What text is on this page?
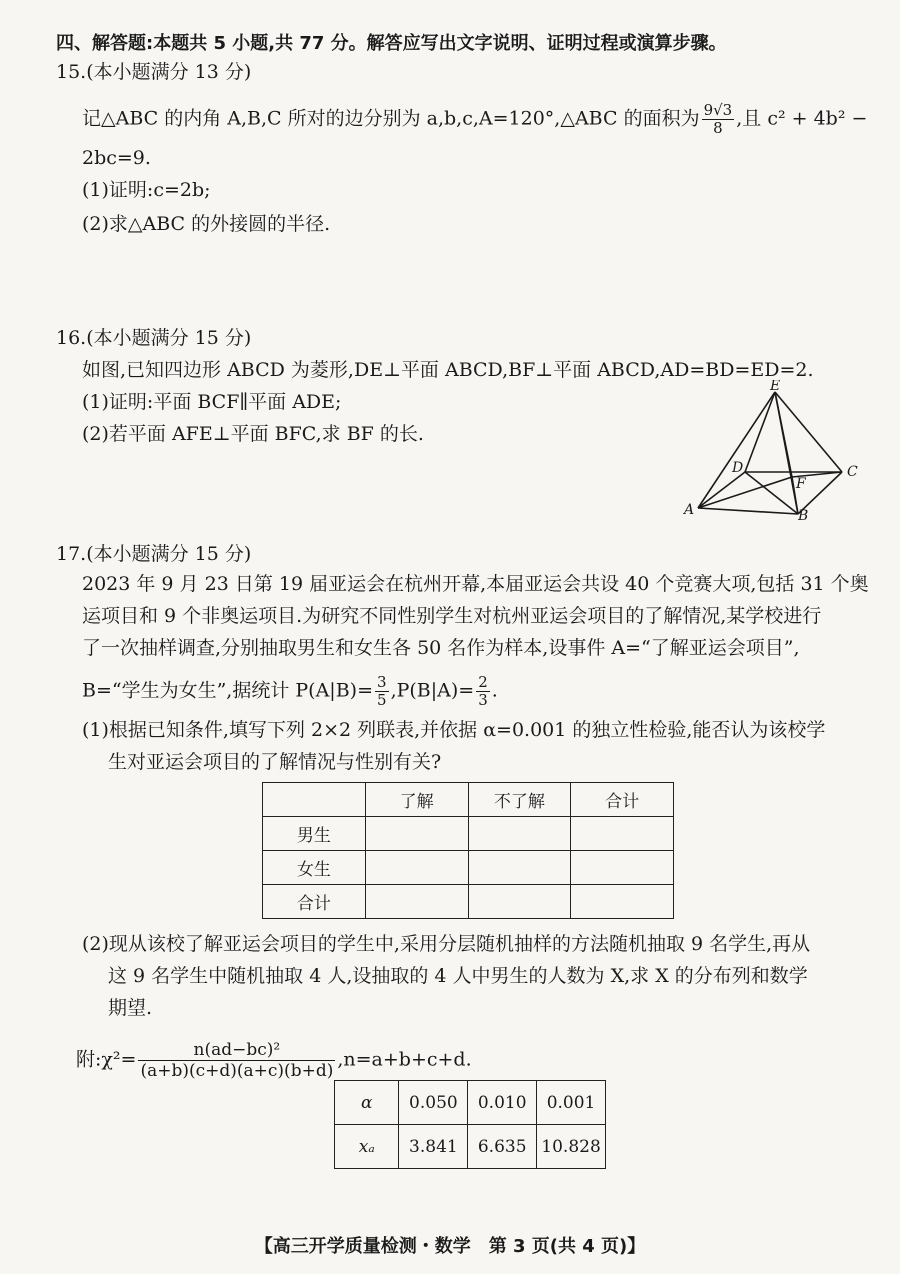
四、解答题:本题共 5 小题,共 77 分。解答应写出文字说明、证明过程或演算步骤。
15.(本小题满分 13 分)
记△ABC 的内角 A,B,C 所对的边分别为 a,b,c,A=120°,△ABC 的面积为 $\frac{9√3}{8}$ ,且 c² + 4b² −
2bc=9.
(1)证明:c=2b;
(2)求△ABC 的外接圆的半径.
16.(本小题满分 15 分)
如图,已知四边形 ABCD 为菱形,DE⊥平面 ABCD,BF⊥平面 ABCD,AD=BD=ED=2.
(1)证明:平面 BCF∥平面 ADE;
(2)若平面 AFE⊥平面 BFC,求 BF 的长.
E
D	C
F
A	B
17.(本小题满分 15 分)
2023 年 9 月 23 日第 19 届亚运会在杭州开幕,本届亚运会共设 40 个竞赛大项,包括 31 个奥
运项目和 9 个非奥运项目.为研究不同性别学生对杭州亚运会项目的了解情况,某学校进行
了一次抽样调查,分别抽取男生和女生各 50 名作为样本,设事件 A=“了解亚运会项目”,
B=“学生为女生”,据统计 $P(A|B)= \frac{3}{5} ,P(B|A)= \frac{2}{3}$ .
(1)根据已知条件,填写下列 2×2 列联表,并依据 α=0.001 的独立性检验,能否认为该校学
生对亚运会项目的了解情况与性别有关?
	了解	不了解	合计
男生			
女生			
合计			
(2)现从该校了解亚运会项目的学生中,采用分层随机抽样的方法随机抽取 9 名学生,再从
这 9 名学生中随机抽取 4 人,设抽取的 4 人中男生的人数为 X,求 X 的分布列和数学
期望.
附:χ²= $\frac{\text{n(ad−bc)²}}{(a+b)(c+d)(a+c)(b+d)} ,n=a+b+c+d$.
α	0.050	0.010	0.001
xₐ	3.841	6.635	10.828
【高三开学质量检测・数学　第 3 页(共 4 页)】
